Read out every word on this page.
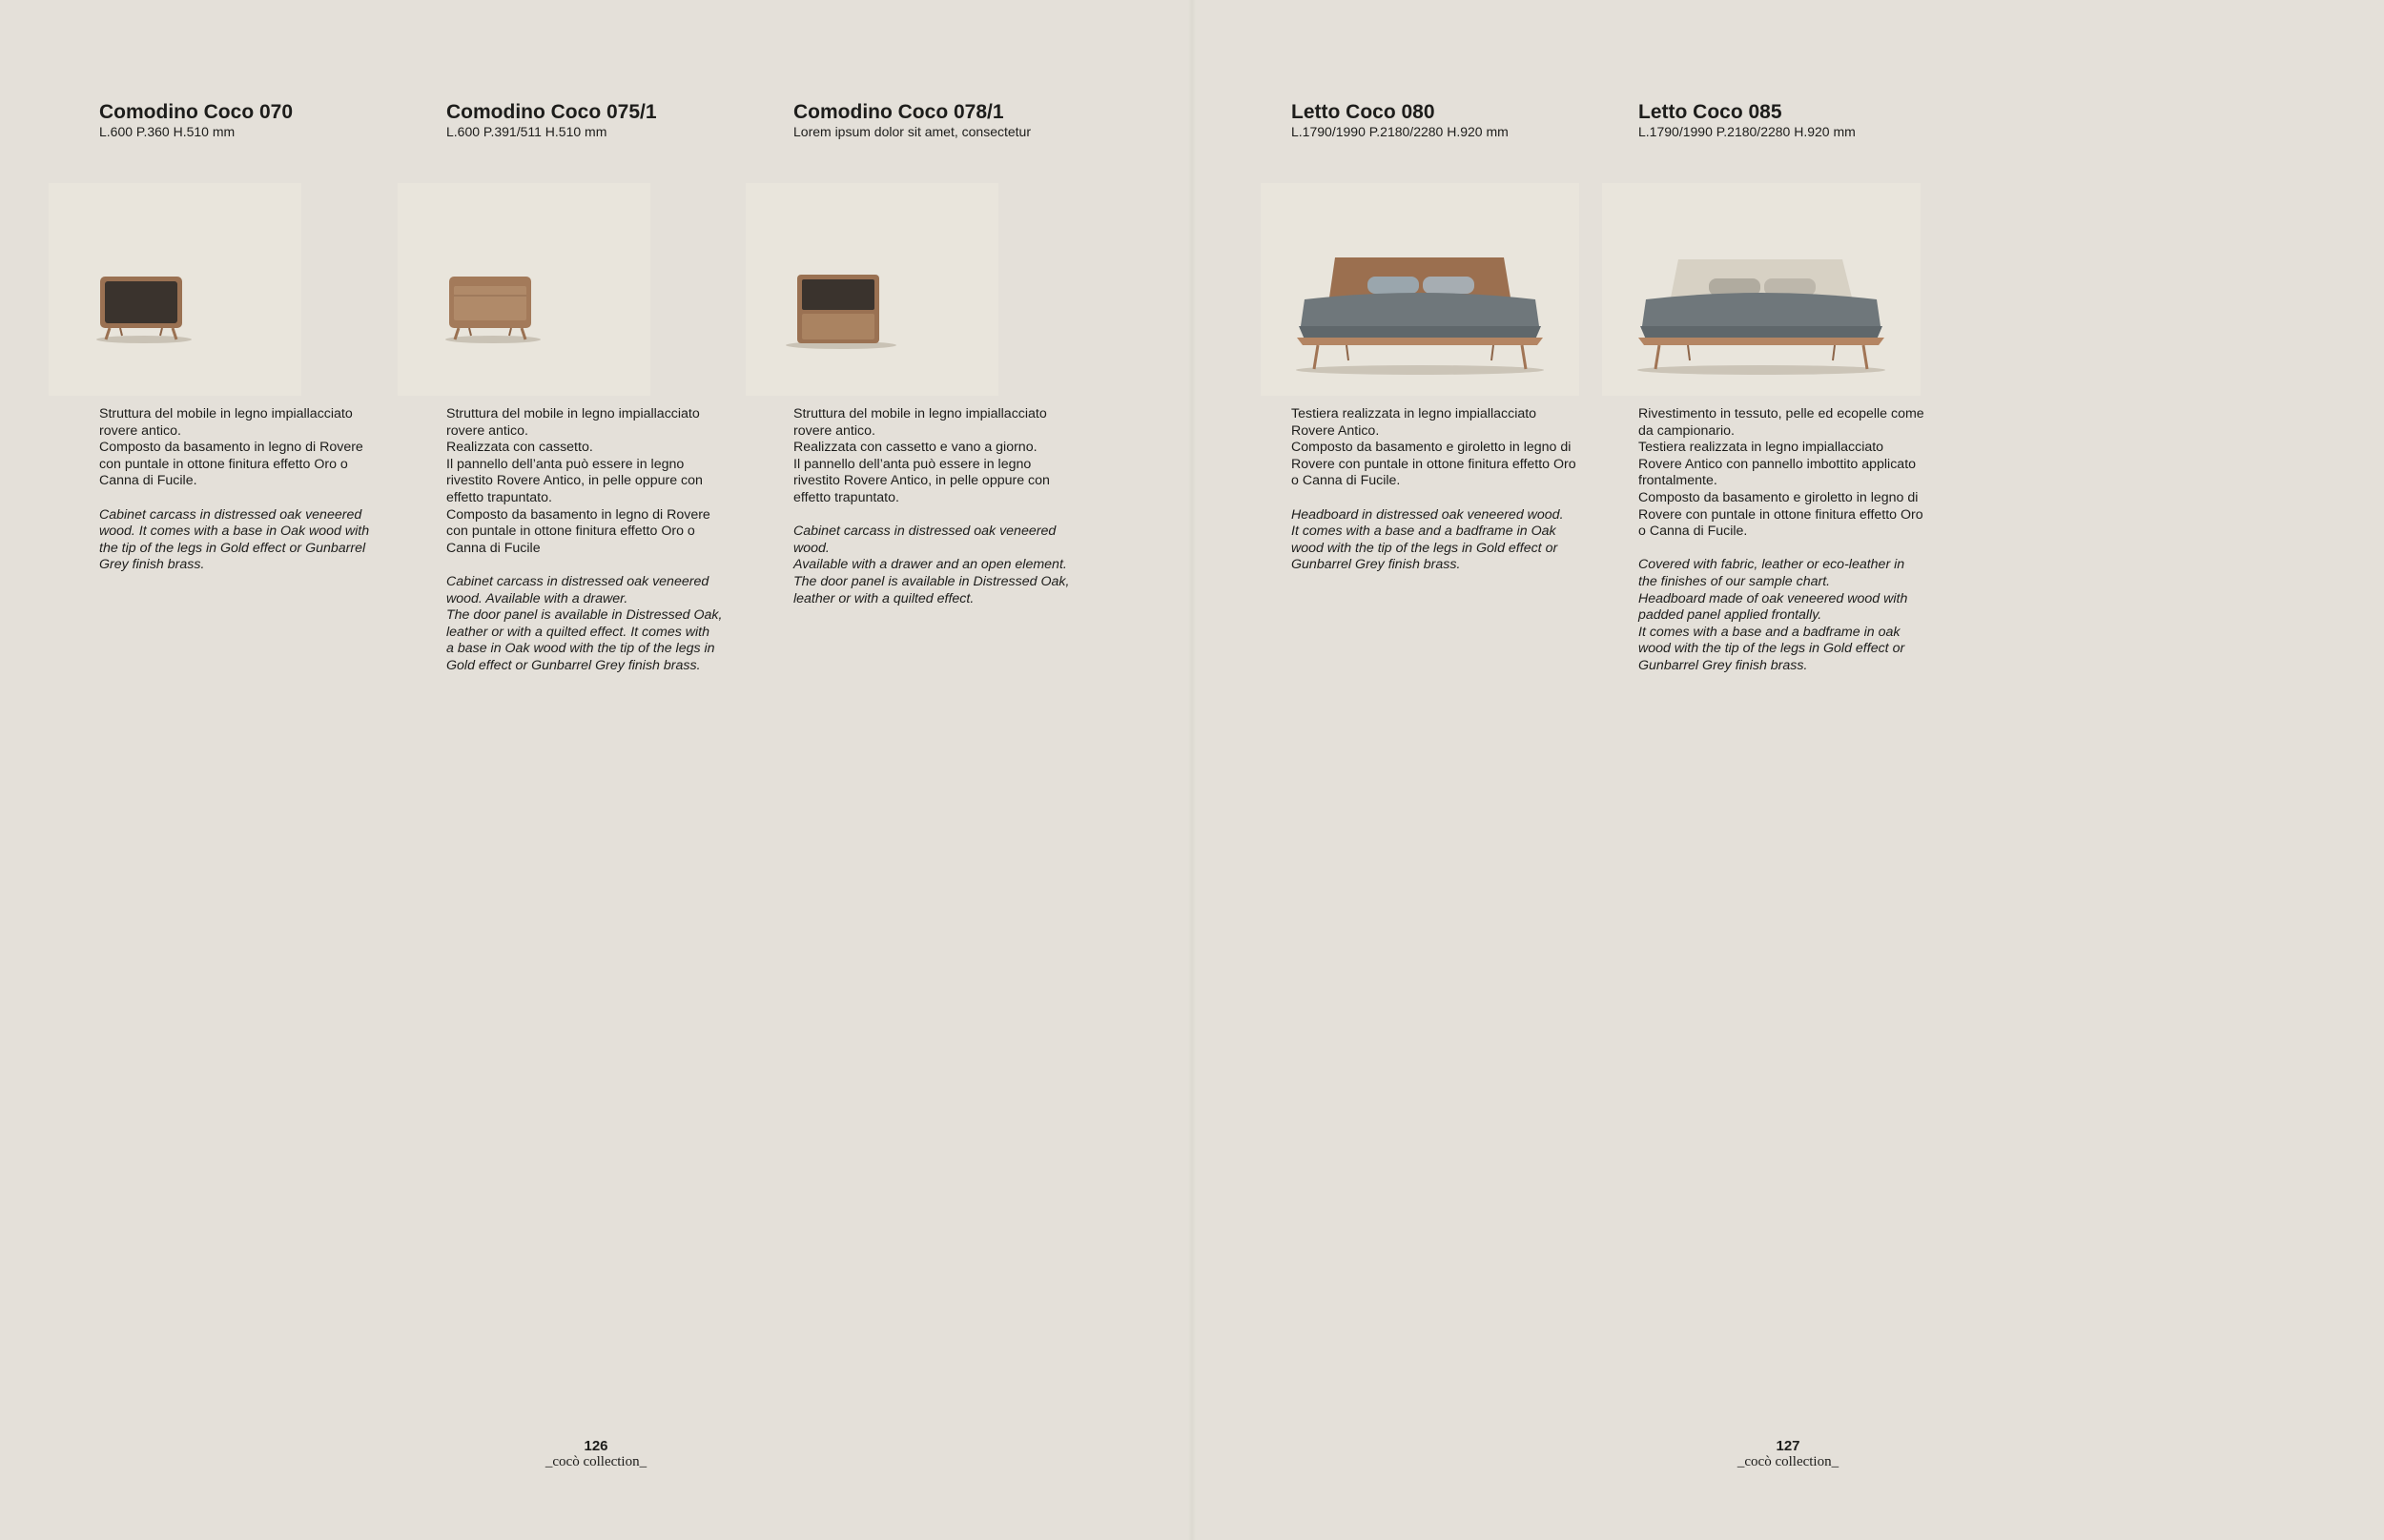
Comodino Coco 070
L.600 P.360 H.510 mm

Struttura del mobile in legno impiallacciato
rovere antico.
Composto da basamento in legno di Rovere
con puntale in ottone finitura effetto Oro o
Canna di Fucile.

Cabinet carcass in distressed oak veneered
wood. It comes with a base in Oak wood with
the tip of the legs in Gold effect or Gunbarrel
Grey finish brass.

Comodino Coco 075/1
L.600 P.391/511 H.510 mm

Struttura del mobile in legno impiallacciato
rovere antico.
Realizzata con cassetto.
Il pannello dell’anta può essere in legno
rivestito Rovere Antico, in pelle oppure con
effetto trapuntato.
Composto da basamento in legno di Rovere
con puntale in ottone finitura effetto Oro o
Canna di Fucile

Cabinet carcass in distressed oak veneered
wood. Available with a drawer.
The door panel is available in Distressed Oak,
leather or with a quilted effect. It comes with
a base in Oak wood with the tip of the legs in
Gold effect or Gunbarrel Grey finish brass.

Comodino Coco 078/1
Lorem ipsum dolor sit amet, consectetur

Struttura del mobile in legno impiallacciato
rovere antico.
Realizzata con cassetto e vano a giorno.
Il pannello dell’anta può essere in legno
rivestito Rovere Antico, in pelle oppure con
effetto trapuntato.

Cabinet carcass in distressed oak veneered
wood.
Available with a drawer and an open element.
The door panel is available in Distressed Oak,
leather or with a quilted effect.

Letto Coco 080
L.1790/1990 P.2180/2280 H.920 mm

Testiera realizzata in legno impiallacciato
Rovere Antico.
Composto da basamento e giroletto in legno di
Rovere con puntale in ottone finitura effetto Oro
o Canna di Fucile.

Headboard in distressed oak veneered wood.
It comes with a base and a badframe in Oak
wood with the tip of the legs in Gold effect or
Gunbarrel Grey finish brass.

Letto Coco 085
L.1790/1990 P.2180/2280 H.920 mm

Rivestimento in tessuto, pelle ed ecopelle come
da campionario.
Testiera realizzata in legno impiallacciato
Rovere Antico con pannello imbottito applicato
frontalmente.
Composto da basamento e giroletto in legno di
Rovere con puntale in ottone finitura effetto Oro
o Canna di Fucile.

Covered with fabric, leather or eco-leather in
the finishes of our sample chart.
Headboard made of oak veneered wood with
padded panel applied frontally.
It comes with a base and a badframe in oak
wood with the tip of the legs in Gold effect or
Gunbarrel Grey finish brass.

126
_cocò collection_
127
_cocò collection_
